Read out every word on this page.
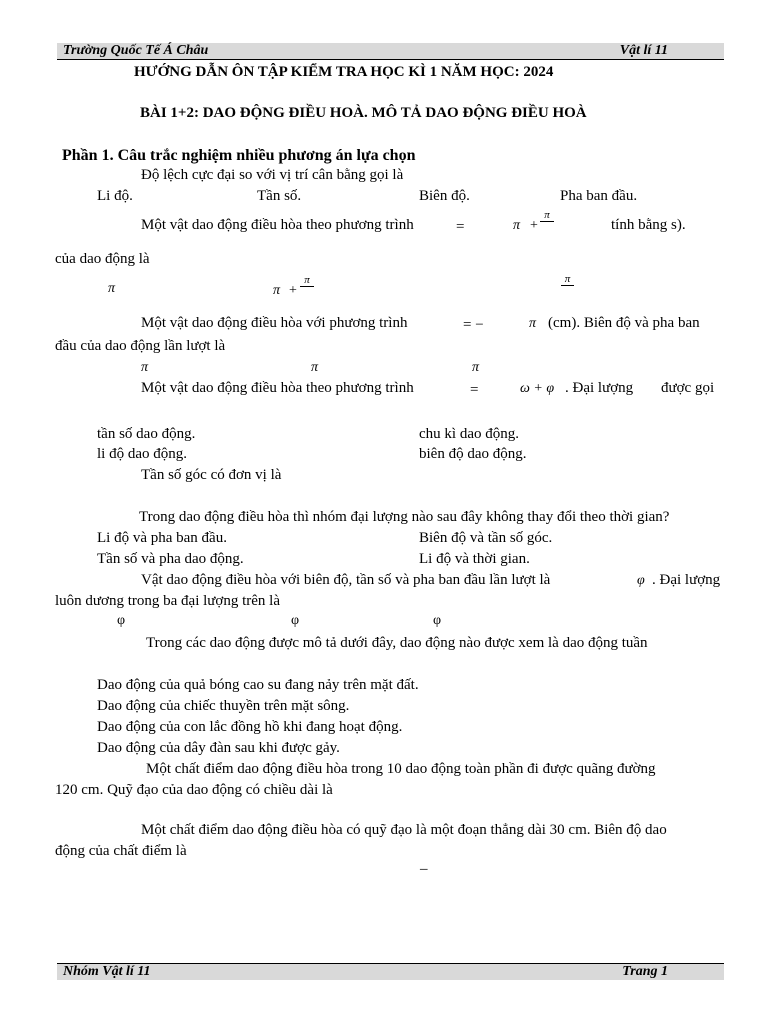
Trường Quốc Tế Á Châu	Vật lí 11
HƯỚNG DẪN ÔN TẬP KIỂM TRA HỌC KÌ 1 NĂM HỌC: 2024
BÀI 1+2: DAO ĐỘNG ĐIỀU HOÀ. MÔ TẢ DAO ĐỘNG ĐIỀU HOÀ
Phần 1. Câu trắc nghiệm nhiều phương án lựa chọn
Độ lệch cực đại so với vị trí cân bằng gọi là
Li độ.	Tần số.	Biên độ.	Pha ban đầu.
Một vật dao động điều hòa theo phương trình	=	π +
π
tính bằng s).
của dao động là
π	π +
π	π
Một vật dao động điều hòa với phương trình	= −	π (cm). Biên độ và pha ban
đầu của dao động lần lượt là
π	π	π
Một vật dao động điều hòa theo phương trình	=	ω + φ . Đại lượng được gọi
tần số dao động.	chu kì dao động.
li độ dao động.	biên độ dao động.
Tần số góc có đơn vị là
Trong dao động điều hòa thì nhóm đại lượng nào sau đây không thay đổi theo thời gian?
Li độ và pha ban đầu.	Biên độ và tần số góc.
Tần số và pha dao động.	Li độ và thời gian.
Vật dao động điều hòa với biên độ, tần số và pha ban đầu lần lượt là	φ . Đại lượng
luôn dương trong ba đại lượng trên là
φ	φ	φ
Trong các dao động được mô tả dưới đây, dao động nào được xem là dao động tuần
Dao động của quả bóng cao su đang nảy trên mặt đất.
Dao động của chiếc thuyền trên mặt sông.
Dao động của con lắc đồng hồ khi đang hoạt động.
Dao động của dây đàn sau khi được gảy.
Một chất điểm dao động điều hòa trong 10 dao động toàn phần đi được quãng đường
120 cm. Quỹ đạo của dao động có chiều dài là
Một chất điểm dao động điều hòa có quỹ đạo là một đoạn thẳng dài 30 cm. Biên độ dao
động của chất điểm là
–
Nhóm Vật lí 11	Trang 1
